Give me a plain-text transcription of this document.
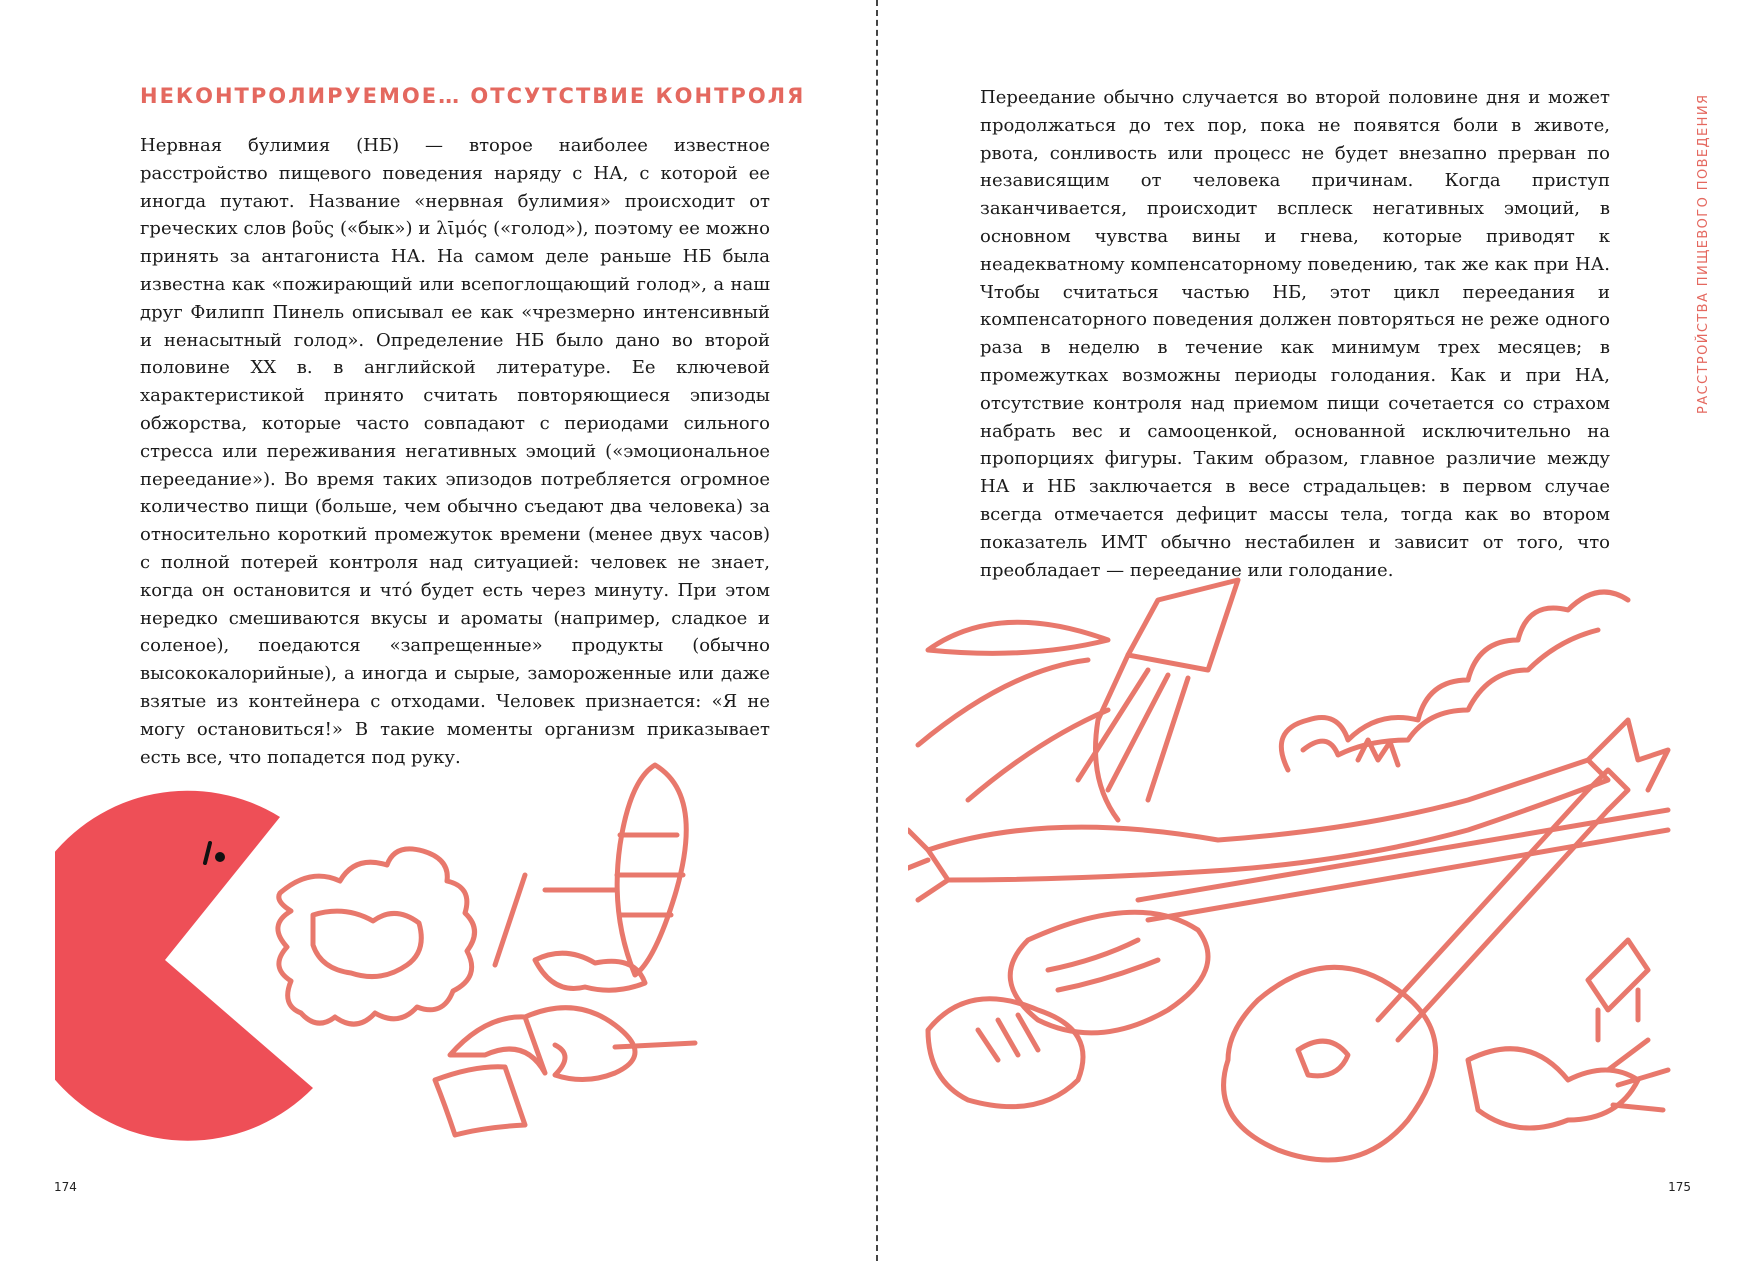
НЕКОНТРОЛИРУЕМОЕ… ОТСУТСТВИЕ КОНТРОЛЯ
Нервная булимия (НБ) — второе наиболее известное расстройство пищевого поведения наряду с НА, с которой ее иногда путают. Название «нервная булимия» происходит от греческих слов βοῦς («бык») и λῑμός («голод»), поэтому ее можно принять за антагониста НА. На самом деле раньше НБ была известна как «пожирающий или всепоглощающий голод», а наш друг Филипп Пинель описывал ее как «чрезмерно интенсивный и ненасытный голод». Определение НБ было дано во второй половине XX в. в английской литературе. Ее ключевой характеристикой принято считать повторяющиеся эпизоды обжорства, которые часто совпадают с периодами сильного стресса или переживания негативных эмоций («эмоциональное переедание»). Во время таких эпизодов потребляется огромное количество пищи (больше, чем обычно съедают два человека) за относительно короткий промежуток времени (менее двух часов) с полной потерей контроля над ситуацией: человек не знает, когда он остановится и чтó будет есть через минуту. При этом нередко смешиваются вкусы и ароматы (например, сладкое и соленое), поедаются «запрещенные» продукты (обычно высококалорийные), а иногда и сырые, замороженные или даже взятые из контейнера с отходами. Человек признается: «Я не могу остановиться!» В такие моменты организм приказывает есть все, что попадется под руку.
174
Переедание обычно случается во второй половине дня и может продолжаться до тех пор, пока не появятся боли в животе, рвота, сонливость или процесс не будет внезапно прерван по независящим от человека причинам. Когда приступ заканчивается, происходит всплеск негативных эмоций, в основном чувства вины и гнева, которые приводят к неадекватному компенсаторному поведению, так же как при НА. Чтобы считаться частью НБ, этот цикл переедания и компенсаторного поведения должен повторяться не реже одного раза в неделю в течение как минимум трех месяцев; в промежутках возможны периоды голодания. Как и при НА, отсутствие контроля над приемом пищи сочетается со страхом набрать вес и самооценкой, основанной исключительно на пропорциях фигуры. Таким образом, главное различие между НА и НБ заключается в весе страдальцев: в первом случае всегда отмечается дефицит массы тела, тогда как во втором показатель ИМТ обычно нестабилен и зависит от того, что преобладает — переедание или голодание.
РАССТРОЙСТВА ПИЩЕВОГО ПОВЕДЕНИЯ
175
